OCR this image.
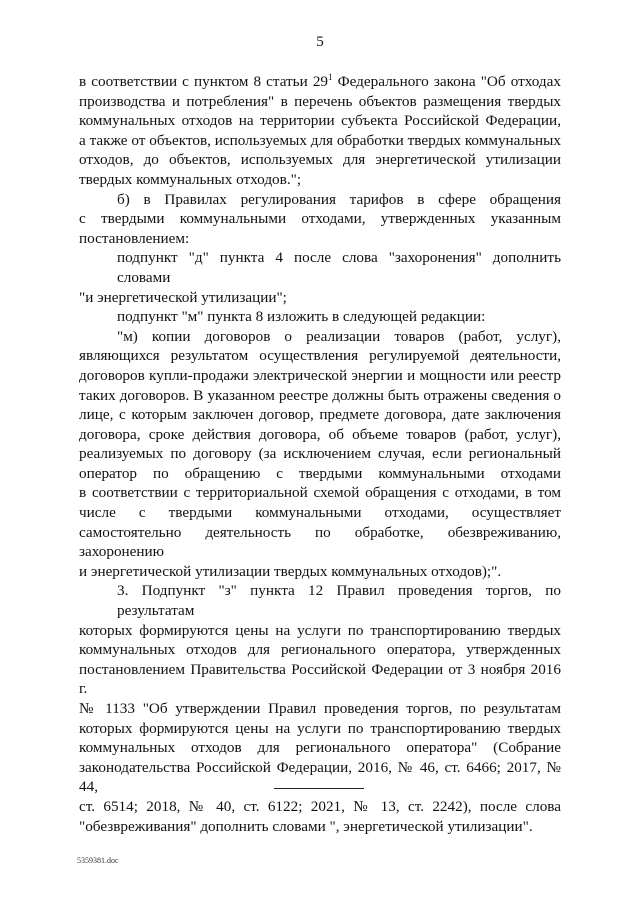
5
в соответствии с пунктом 8 статьи $29^1$ Федерального закона "Об отходах
производства и потребления" в перечень объектов размещения твердых
коммунальных отходов на территории субъекта Российской Федерации,
а также от объектов, используемых для обработки твердых коммунальных
отходов, до объектов, используемых для энергетической утилизации
твердых коммунальных отходов.";
б) в Правилах регулирования тарифов в сфере обращения
с твердыми коммунальными отходами, утвержденных указанным
постановлением:
подпункт "д" пункта 4 после слова "захоронения" дополнить словами
"и энергетической утилизации";
подпункт "м" пункта 8 изложить в следующей редакции:
"м) копии договоров о реализации товаров (работ, услуг),
являющихся результатом осуществления регулируемой деятельности,
договоров купли-продажи электрической энергии и мощности или реестр
таких договоров. В указанном реестре должны быть отражены сведения о
лице, с которым заключен договор, предмете договора, дате заключения
договора, сроке действия договора, об объеме товаров (работ, услуг),
реализуемых по договору (за исключением случая, если региональный
оператор по обращению с твердыми коммунальными отходами
в соответствии с территориальной схемой обращения с отходами, в том
числе с твердыми коммунальными отходами, осуществляет
самостоятельно деятельность по обработке, обезвреживанию, захоронению
и энергетической утилизации твердых коммунальных отходов);".
3. Подпункт "з" пункта 12 Правил проведения торгов, по результатам
которых формируются цены на услуги по транспортированию твердых
коммунальных отходов для регионального оператора, утвержденных
постановлением Правительства Российской Федерации от 3 ноября 2016 г.
№ 1133 "Об утверждении Правил проведения торгов, по результатам
которых формируются цены на услуги по транспортированию твердых
коммунальных отходов для регионального оператора" (Собрание
законодательства Российской Федерации, 2016, № 46, ст. 6466; 2017, № 44,
ст. 6514; 2018, № 40, ст. 6122; 2021, № 13, ст. 2242), после слова
"обезвреживания" дополнить словами ", энергетической утилизации".
5359381.doc
